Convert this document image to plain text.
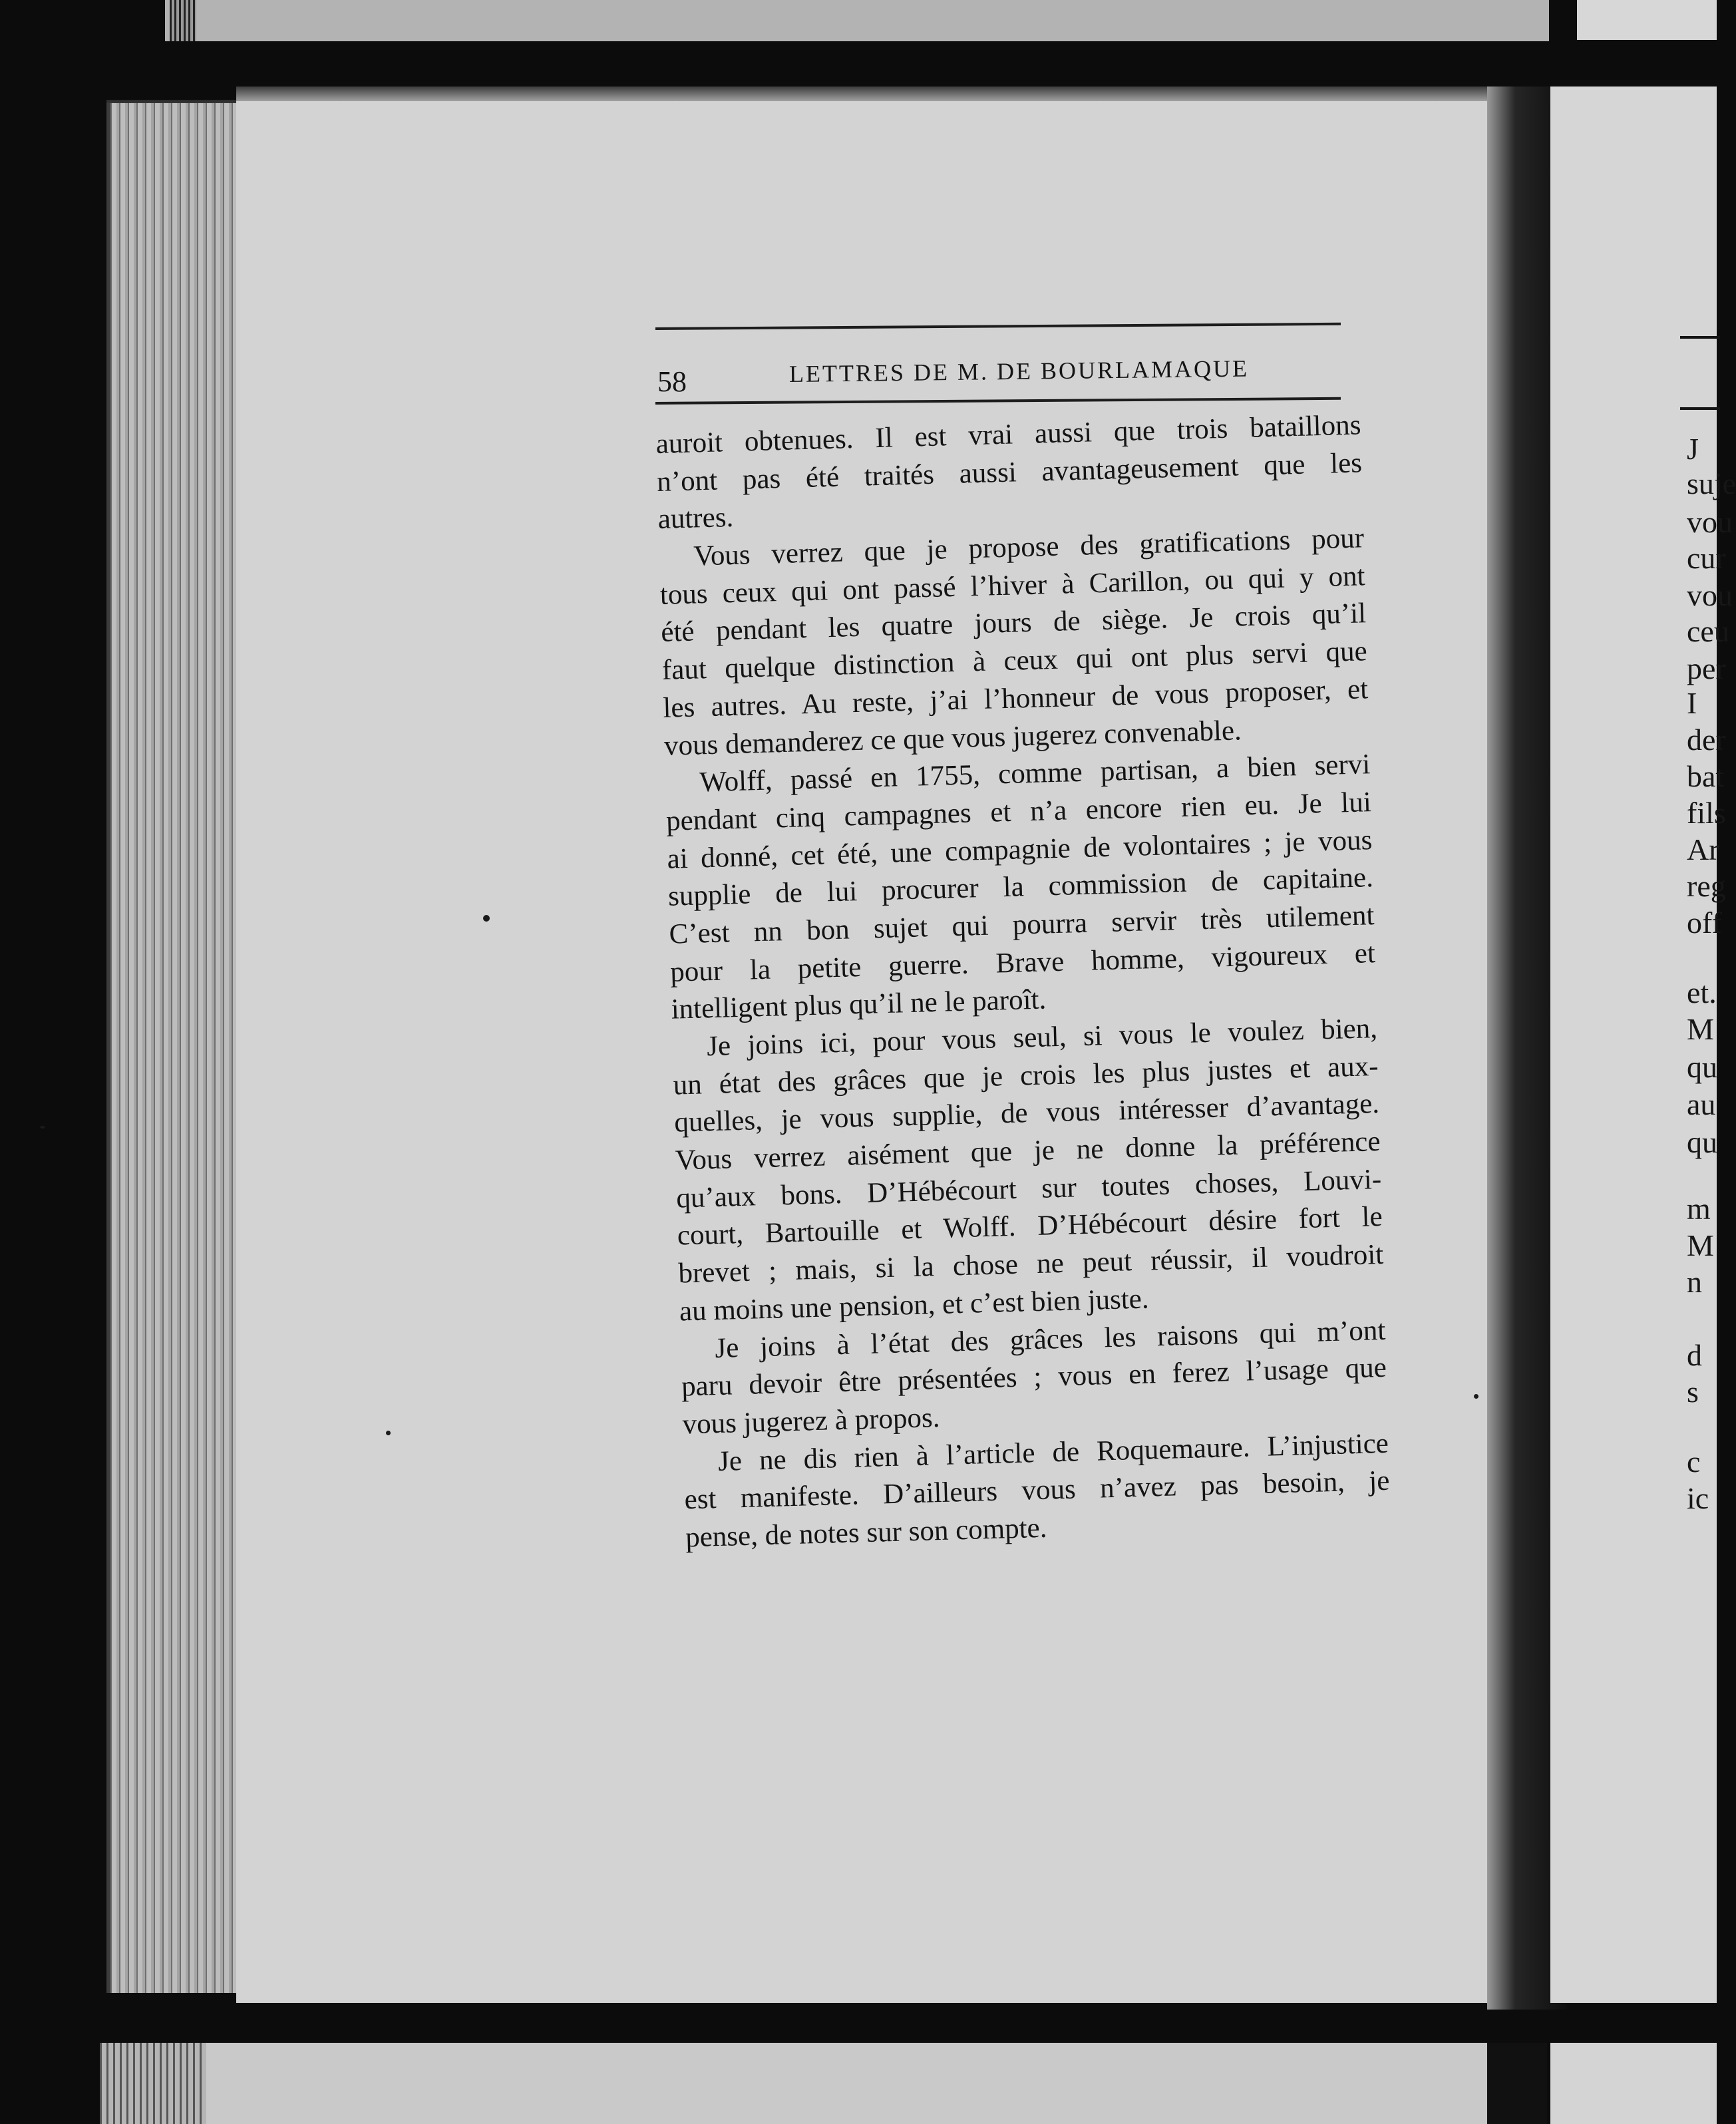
J
suje
vou
cur
vou
ceu
per
I
der
bat
fils
Ar
reg
off
et.
M
qu
au
qu
m
M
n
d
s
c
ic
58	LETTRES DE M. DE BOURLAMAQUE
auroit obtenues. Il est vrai aussi que trois bataillons
n’ont pas été traités aussi avantageusement que les
autres.
Vous verrez que je propose des gratifications pour
tous ceux qui ont passé l’hiver à Carillon, ou qui y ont
été pendant les quatre jours de siège. Je crois qu’il
faut quelque distinction à ceux qui ont plus servi que
les autres. Au reste, j’ai l’honneur de vous proposer, et
vous demanderez ce que vous jugerez convenable.
Wolff, passé en 1755, comme partisan, a bien servi
pendant cinq campagnes et n’a encore rien eu. Je lui
ai donné, cet été, une compagnie de volontaires ; je vous
supplie de lui procurer la commission de capitaine.
C’est nn bon sujet qui pourra servir très utilement
pour la petite guerre. Brave homme, vigoureux et
intelligent plus qu’il ne le paroît.
Je joins ici, pour vous seul, si vous le voulez bien,
un état des grâces que je crois les plus justes et aux-
quelles, je vous supplie, de vous intéresser d’avantage.
Vous verrez aisément que je ne donne la préférence
qu’aux bons. D’Hébécourt sur toutes choses, Louvi-
court, Bartouille et Wolff. D’Hébécourt désire fort le
brevet ; mais, si la chose ne peut réussir, il voudroit
au moins une pension, et c’est bien juste.
Je joins à l’état des grâces les raisons qui m’ont
paru devoir être présentées ; vous en ferez l’usage que
vous jugerez à propos.
Je ne dis rien à l’article de Roquemaure. L’injustice
est manifeste. D’ailleurs vous n’avez pas besoin, je
pense, de notes sur son compte.
